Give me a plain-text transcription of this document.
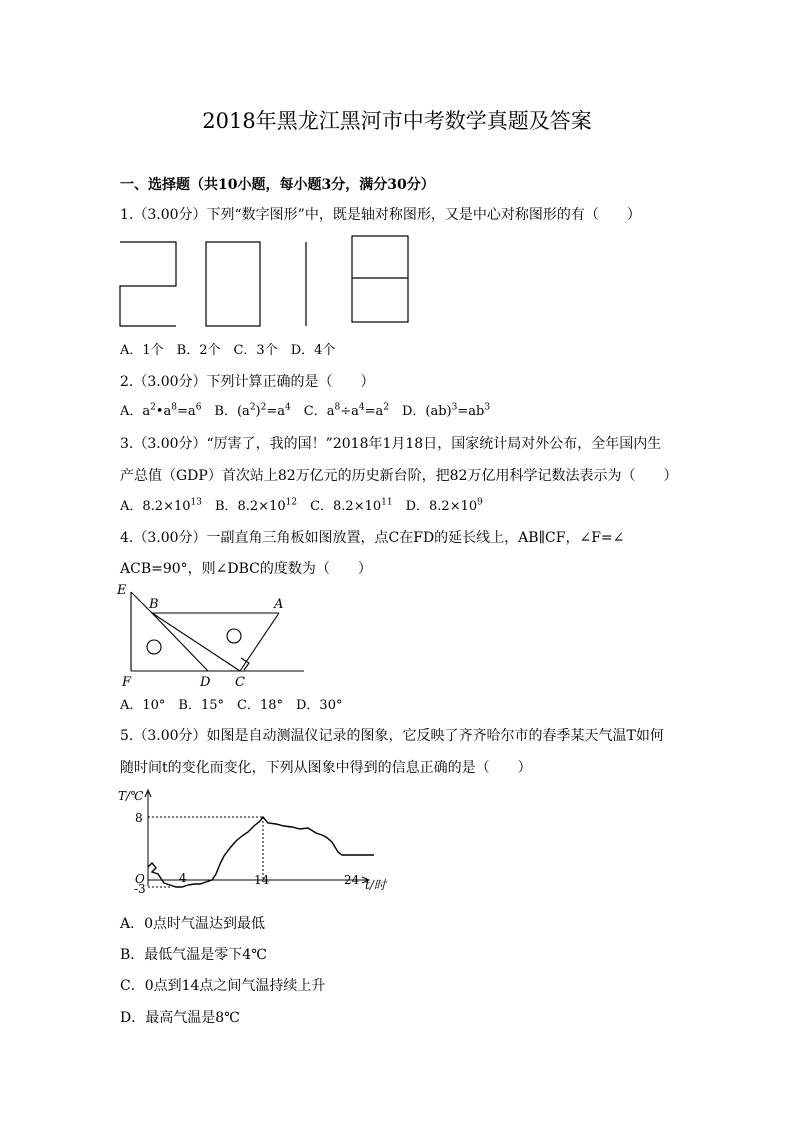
2018年黑龙江黑河市中考数学真题及答案
一、选择题（共10小题，每小题3分，满分30分）
1.（3.00分）下列“数字图形”中，既是轴对称图形，又是中心对称图形的有（　　）
A．1个　B．2个　C．3个　D．4个
2.（3.00分）下列计算正确的是（　　）
A．$a^2•a^8=a^6$　B．$(a^2)^2=a^4$　C．$a^8\div a^4=a^2$　D．$(ab)^3=ab^3$
3.（3.00分）“厉害了，我的国！”2018年1月18日，国家统计局对外公布，全年国内生
产总值（GDP）首次站上82万亿元的历史新台阶，把82万亿用科学记数法表示为（　　）
A．$8.2\times 10^{13}$　B．$8.2\times 10^{12}$　C．$8.2\times 10^{11}$　D．$8.2\times 10^9$
4.（3.00分）一副直角三角板如图放置，点C在FD的延长线上，AB∥CF，∠F=∠
ACB=90°，则∠DBC的度数为（　　）
E
B	A
F	D C
A．10°　B．15°　C．18°　D．30°
5.（3.00分）如图是自动测温仪记录的图象，它反映了齐齐哈尔市的春季某天气温T如何
随时间t的变化而变化，下列从图象中得到的信息正确的是（　　）
T/℃
8
O
-3
4	14	24 t/时
A．0点时气温达到最低
B．最低气温是零下4℃
C．0点到14点之间气温持续上升
D．最高气温是8℃
